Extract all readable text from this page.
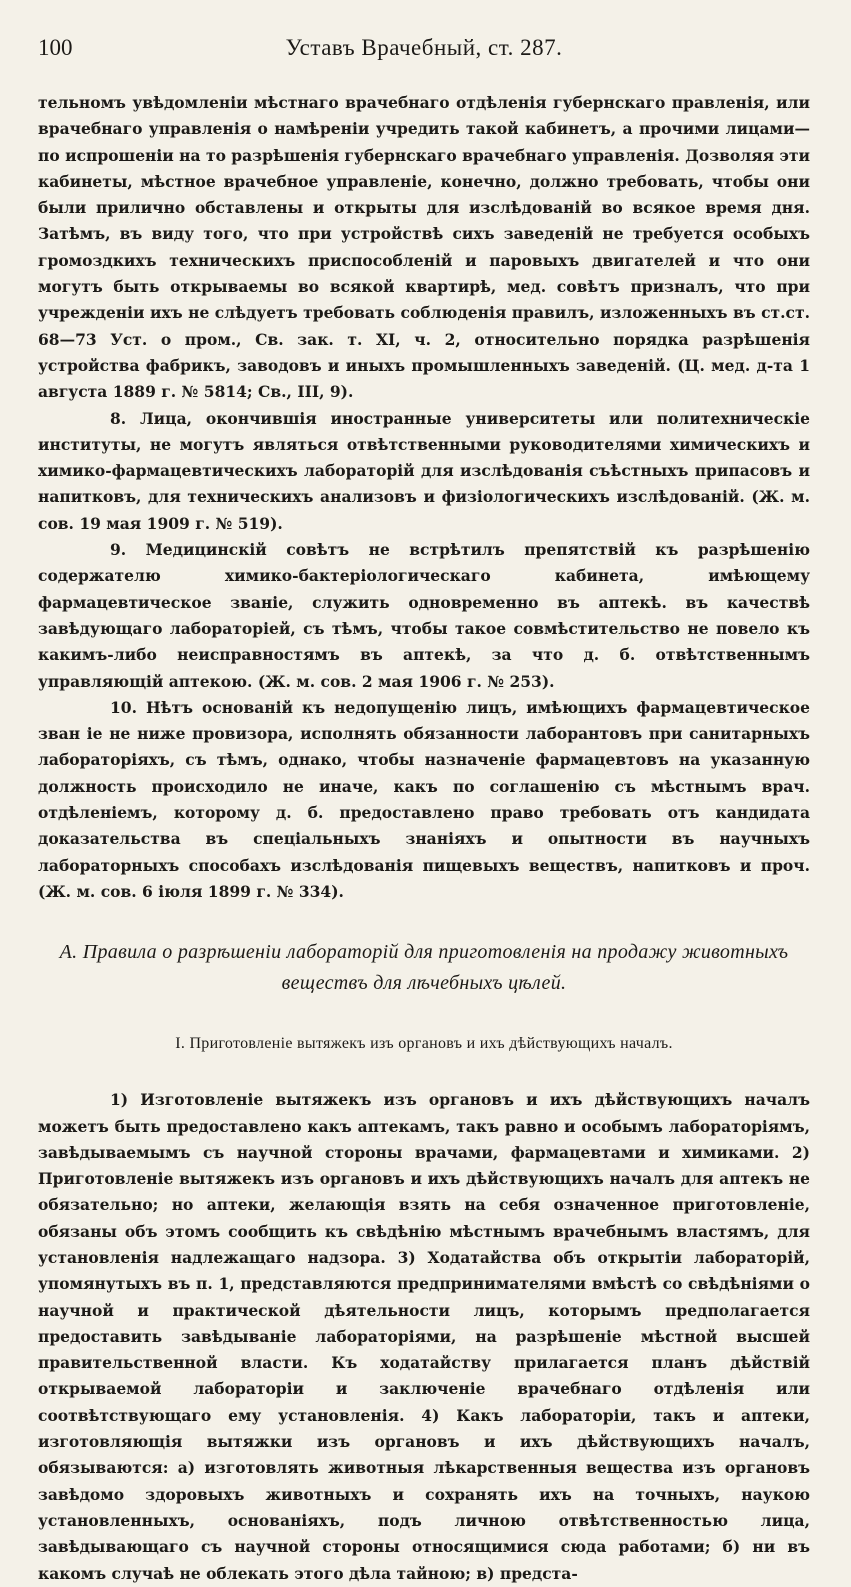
100	Уставъ Врачебный, ст. 287.

тельномъ увѣдомленіи мѣстнаго врачебнаго отдѣленія губернскаго правленія, или врачебнаго управленія о намѣреніи учредить такой кабинетъ, а прочими лицами—по испрошеніи на то разрѣшенія губернскаго врачебнаго управленія. Дозволяя эти кабинеты, мѣстное врачебное управленіе, конечно, должно требовать, чтобы они были прилично обставлены и открыты для изслѣдованій во всякое время дня. Затѣмъ, въ виду того, что при устройствѣ сихъ заведеній не требуется особыхъ громоздкихъ техническихъ приспособленій и паровыхъ двигателей и что они могутъ быть открываемы во всякой квартирѣ, мед. совѣтъ призналъ, что при учрежденіи ихъ не слѣдуетъ требовать соблюденія правилъ, изложенныхъ въ ст.ст. 68—73 Уст. о пром., Св. зак. т. XI, ч. 2, относительно порядка разрѣшенія устройства фабрикъ, заводовъ и иныхъ промышленныхъ заведеній. (Ц. мед. д-та 1 августа 1889 г. № 5814; Св., III, 9).

8. Лица, окончившія иностранные университеты или политехническіе институты, не могутъ являться отвѣтственными руководителями химическихъ и химико-фармацевтическихъ лабораторій для изслѣдованія съѣстныхъ припасовъ и напитковъ, для техническихъ анализовъ и физіологическихъ изслѣдованій. (Ж. м. сов. 19 мая 1909 г. № 519).

9. Медицинскій совѣтъ не встрѣтилъ препятствій къ разрѣшенію содержателю химико-бактеріологическаго кабинета, имѣющему фармацевтическое званіе, служить одновременно въ аптекѣ. въ качествѣ завѣдующаго лабораторіей, съ тѣмъ, чтобы такое совмѣстительство не повело къ какимъ-либо неисправностямъ въ аптекѣ, за что д. б. отвѣтственнымъ управляющій аптекою. (Ж. м. сов. 2 мая 1906 г. № 253).

10. Нѣтъ основаній къ недопущенію лицъ, имѣющихъ фармацевтическое зван іе не ниже провизора, исполнять обязанности лаборантовъ при санитарныхъ лабораторіяхъ, съ тѣмъ, однако, чтобы назначеніе фармацевтовъ на указанную должность происходило не иначе, какъ по соглашенію съ мѣстнымъ врач. отдѣленіемъ, которому д. б. предоставлено право требовать отъ кандидата доказательства въ спеціальныхъ знаніяхъ и опытности въ научныхъ лабораторныхъ способахъ изслѣдованія пищевыхъ веществъ, напитковъ и проч. (Ж. м. сов. 6 іюля 1899 г. № 334).

А. Правила о разрѣшеніи лабораторій для приготовленія на продажу животныхъ веществъ для лѣчебныхъ цѣлей.
I. Приготовленіе вытяжекъ изъ органовъ и ихъ дѣйствующихъ началъ.

1) Изготовленіе вытяжекъ изъ органовъ и ихъ дѣйствующихъ началъ можетъ быть предоставлено какъ аптекамъ, такъ равно и особымъ лабораторіямъ, завѣдываемымъ съ научной стороны врачами, фармацевтами и химиками. 2) Приготовленіе вытяжекъ изъ органовъ и ихъ дѣйствующихъ началъ для аптекъ не обязательно; но аптеки, желающія взять на себя означенное приготовленіе, обязаны объ этомъ сообщить къ свѣдѣнію мѣстнымъ врачебнымъ властямъ, для установленія надлежащаго надзора. 3) Ходатайства объ открытіи лабораторій, упомянутыхъ въ п. 1, представляются предпринимателями вмѣстѣ со свѣдѣніями о научной и практической дѣятельности лицъ, которымъ предполагается предоставить завѣдываніе лабораторіями, на разрѣшеніе мѣстной высшей правительственной власти. Къ ходатайству прилагается планъ дѣйствій открываемой лабораторіи и заключеніе врачебнаго отдѣленія или соотвѣтствующаго ему установленія. 4) Какъ лабораторіи, такъ и аптеки, изготовляющія вытяжки изъ органовъ и ихъ дѣйствующихъ началъ, обязываются: а) изготовлять животныя лѣкарственныя вещества изъ органовъ завѣдомо здоровыхъ животныхъ и сохранять ихъ на точныхъ, наукою установленныхъ, основаніяхъ, подъ личною отвѣтственностью лица, завѣдывающаго съ научной стороны относящимися сюда работами; б) ни въ какомъ случаѣ не облекать этого дѣла тайною; в) предста-
